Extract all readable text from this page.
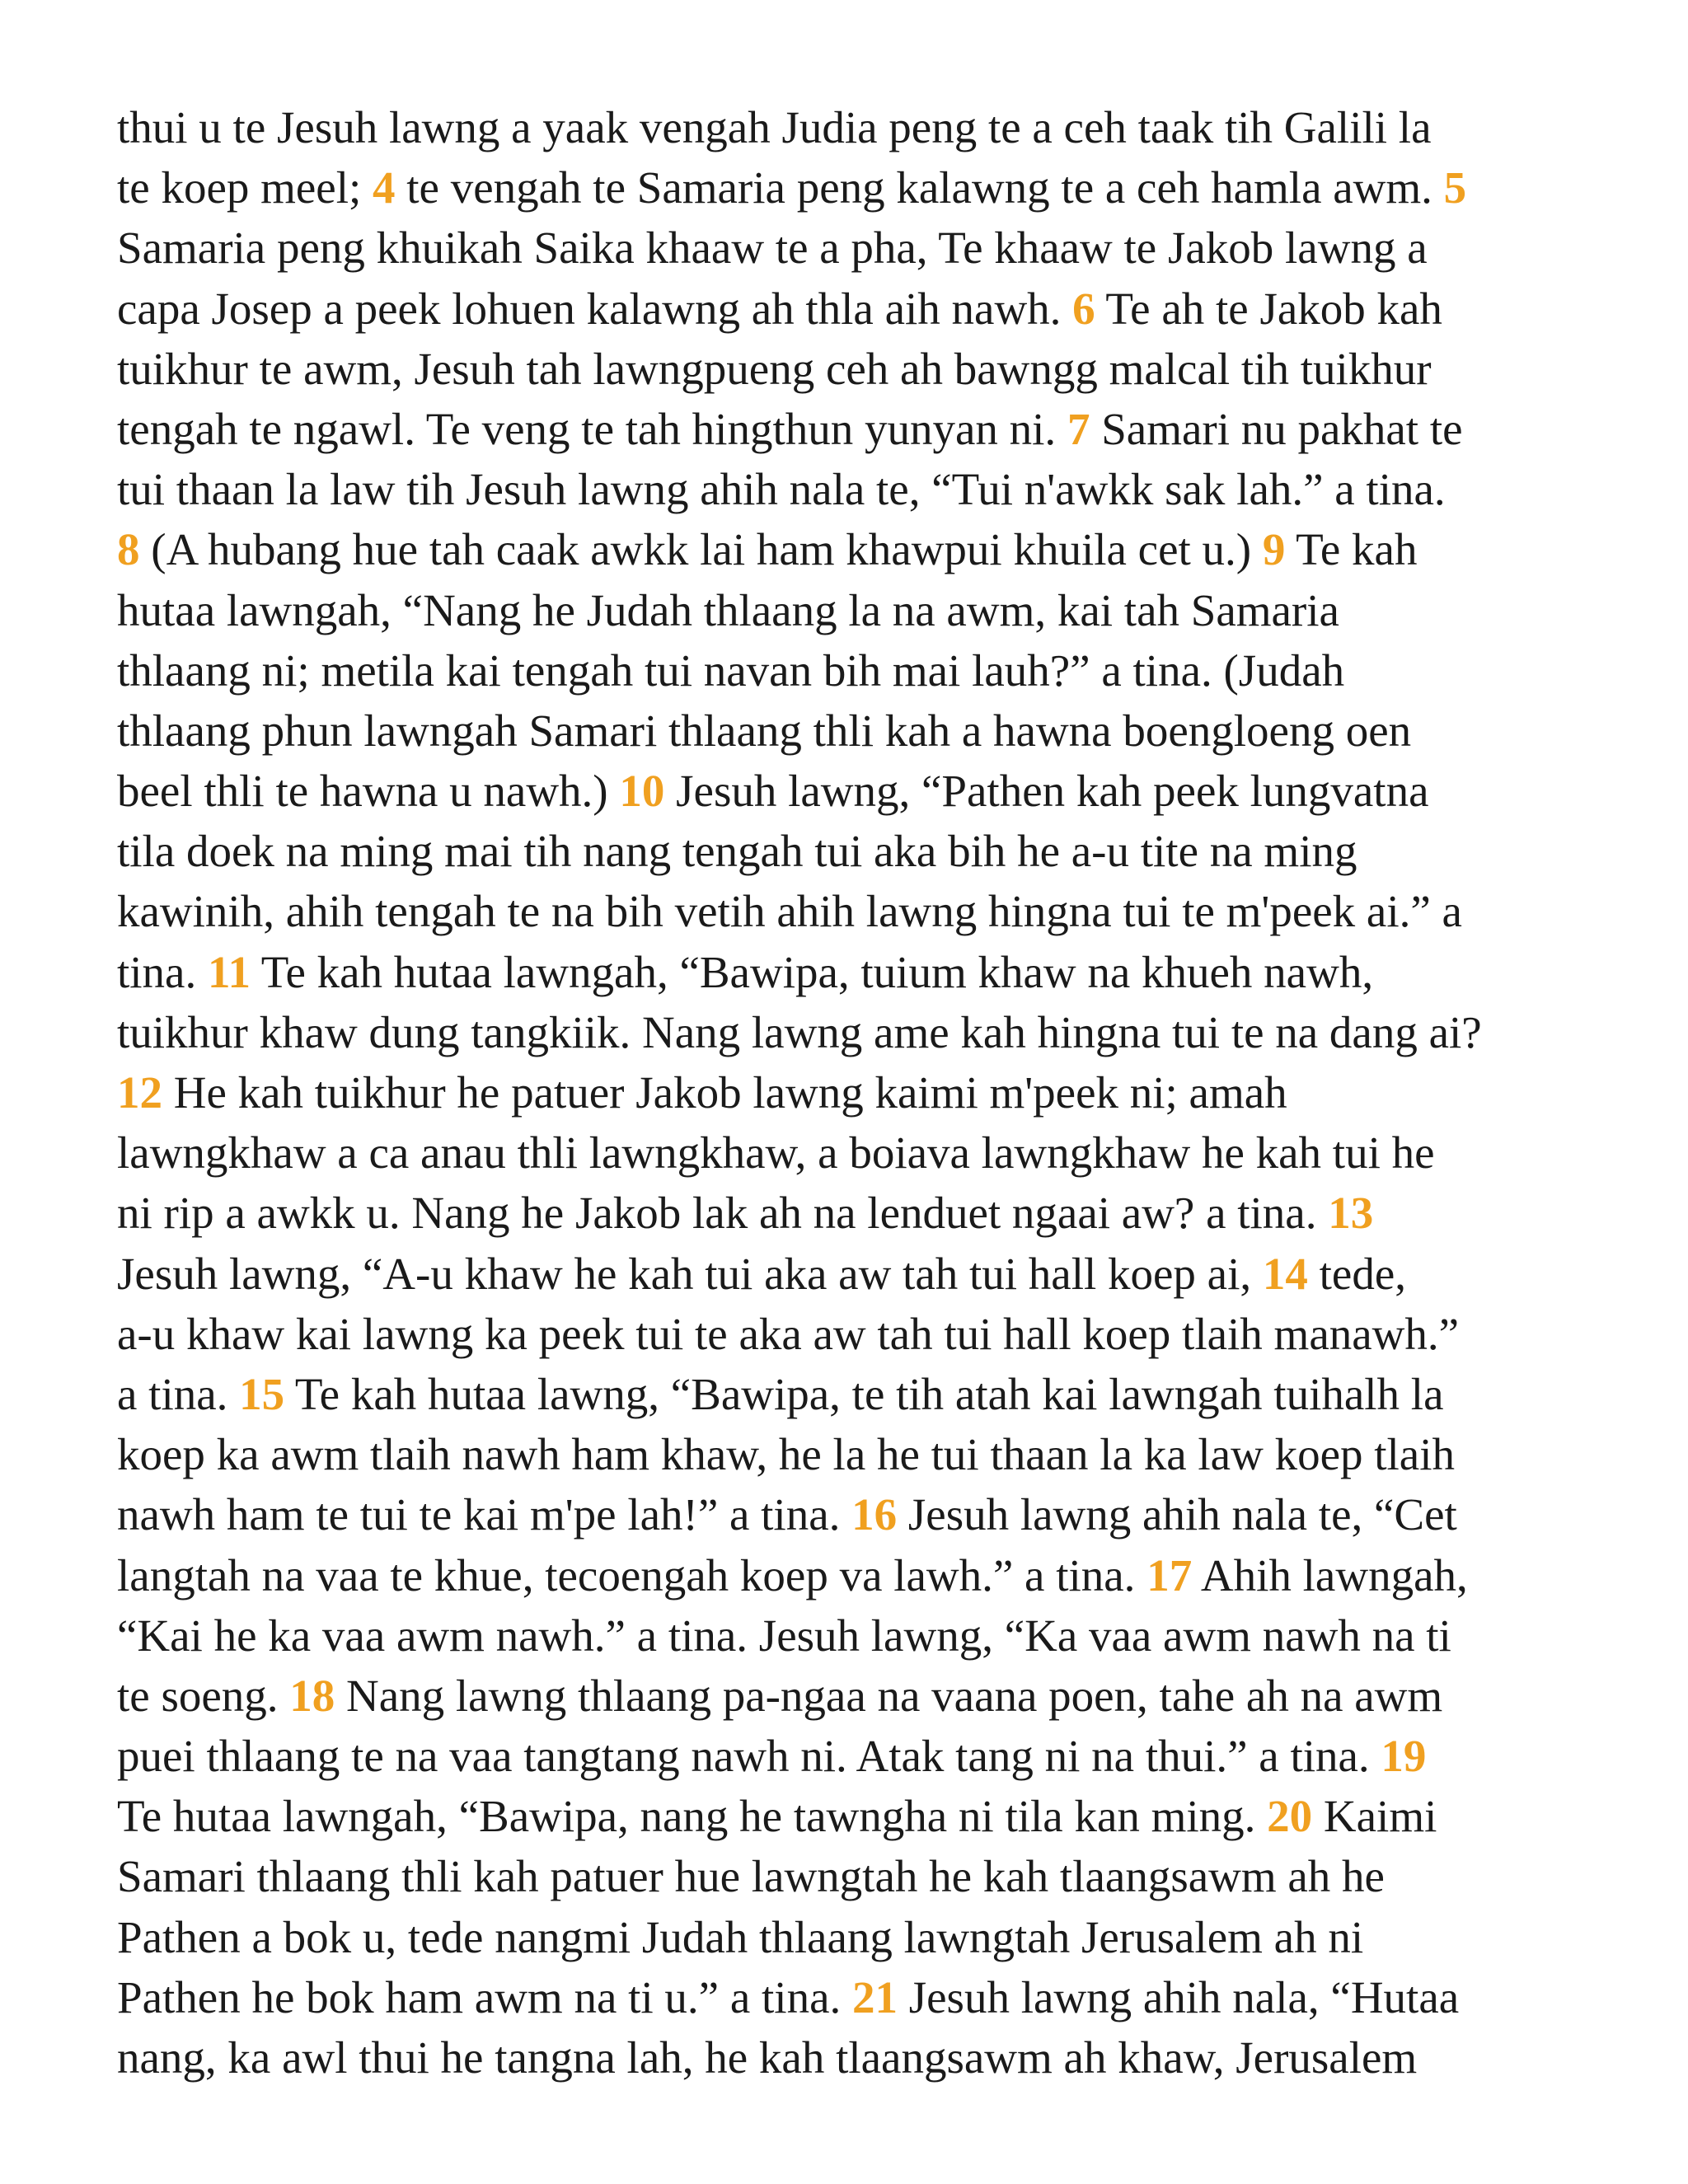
thui u te Jesuh lawng a yaak vengah Judia peng te a ceh taak tih Galili la
te koep meel; 4 te vengah te Samaria peng kalawng te a ceh hamla awm. 5
Samaria peng khuikah Saika khaaw te a pha, Te khaaw te Jakob lawng a
capa Josep a peek lohuen kalawng ah thla aih nawh. 6 Te ah te Jakob kah
tuikhur te awm, Jesuh tah lawngpueng ceh ah bawngg malcal tih tuikhur
tengah te ngawl. Te veng te tah hingthun yunyan ni. 7 Samari nu pakhat te
tui thaan la law tih Jesuh lawng ahih nala te, “Tui n'awkk sak lah.” a tina.
8 (A hubang hue tah caak awkk lai ham khawpui khuila cet u.) 9 Te kah
hutaa lawngah, “Nang he Judah thlaang la na awm, kai tah Samaria
thlaang ni; metila kai tengah tui navan bih mai lauh?” a tina. (Judah
thlaang phun lawngah Samari thlaang thli kah a hawna boengloeng oen
beel thli te hawna u nawh.) 10 Jesuh lawng, “Pathen kah peek lungvatna
tila doek na ming mai tih nang tengah tui aka bih he a-u tite na ming
kawinih, ahih tengah te na bih vetih ahih lawng hingna tui te m'peek ai.” a
tina. 11 Te kah hutaa lawngah, “Bawipa, tuium khaw na khueh nawh,
tuikhur khaw dung tangkiik. Nang lawng ame kah hingna tui te na dang ai?
12 He kah tuikhur he patuer Jakob lawng kaimi m'peek ni; amah
lawngkhaw a ca anau thli lawngkhaw, a boiava lawngkhaw he kah tui he
ni rip a awkk u. Nang he Jakob lak ah na lenduet ngaai aw? a tina. 13
Jesuh lawng, “A-u khaw he kah tui aka aw tah tui hall koep ai, 14 tede,
a-u khaw kai lawng ka peek tui te aka aw tah tui hall koep tlaih manawh.”
a tina. 15 Te kah hutaa lawng, “Bawipa, te tih atah kai lawngah tuihalh la
koep ka awm tlaih nawh ham khaw, he la he tui thaan la ka law koep tlaih
nawh ham te tui te kai m'pe lah!” a tina. 16 Jesuh lawng ahih nala te, “Cet
langtah na vaa te khue, tecoengah koep va lawh.” a tina. 17 Ahih lawngah,
“Kai he ka vaa awm nawh.” a tina. Jesuh lawng, “Ka vaa awm nawh na ti
te soeng. 18 Nang lawng thlaang pa-ngaa na vaana poen, tahe ah na awm
puei thlaang te na vaa tangtang nawh ni. Atak tang ni na thui.” a tina. 19
Te hutaa lawngah, “Bawipa, nang he tawngha ni tila kan ming. 20 Kaimi
Samari thlaang thli kah patuer hue lawngtah he kah tlaangsawm ah he
Pathen a bok u, tede nangmi Judah thlaang lawngtah Jerusalem ah ni
Pathen he bok ham awm na ti u.” a tina. 21 Jesuh lawng ahih nala, “Hutaa
nang, ka awl thui he tangna lah, he kah tlaangsawm ah khaw, Jerusalem
